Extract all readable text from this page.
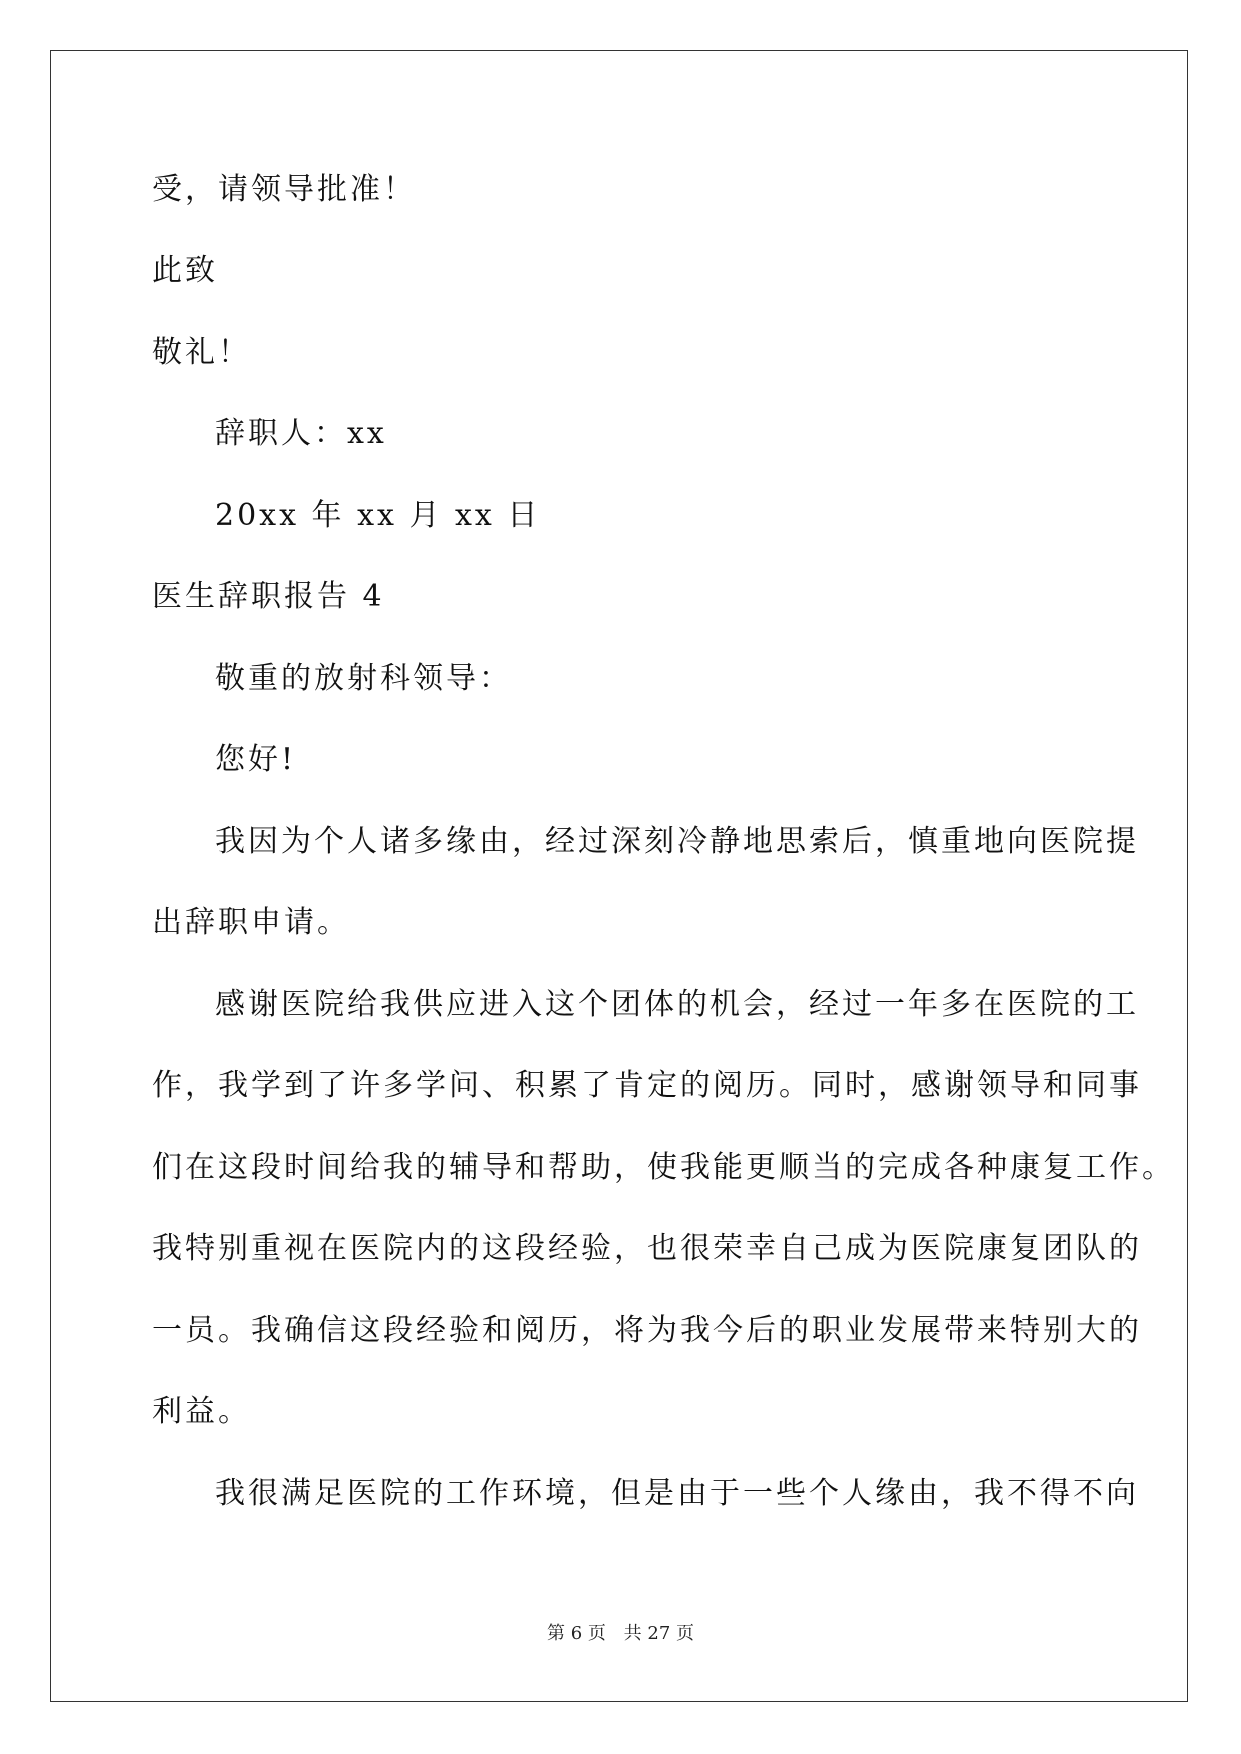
受，请领导批准！
此致
敬礼！
辞职人：xx
20xx 年 xx 月 xx 日
医生辞职报告 4
敬重的放射科领导：
您好!
我因为个人诸多缘由，经过深刻冷静地思索后，慎重地向医院提
出辞职申请。
感谢医院给我供应进入这个团体的机会，经过一年多在医院的工
作，我学到了许多学问、积累了肯定的阅历。同时，感谢领导和同事
们在这段时间给我的辅导和帮助，使我能更顺当的完成各种康复工作。
我特别重视在医院内的这段经验，也很荣幸自己成为医院康复团队的
一员。我确信这段经验和阅历，将为我今后的职业发展带来特别大的
利益。
我很满足医院的工作环境，但是由于一些个人缘由，我不得不向
第 6 页 共 27 页
